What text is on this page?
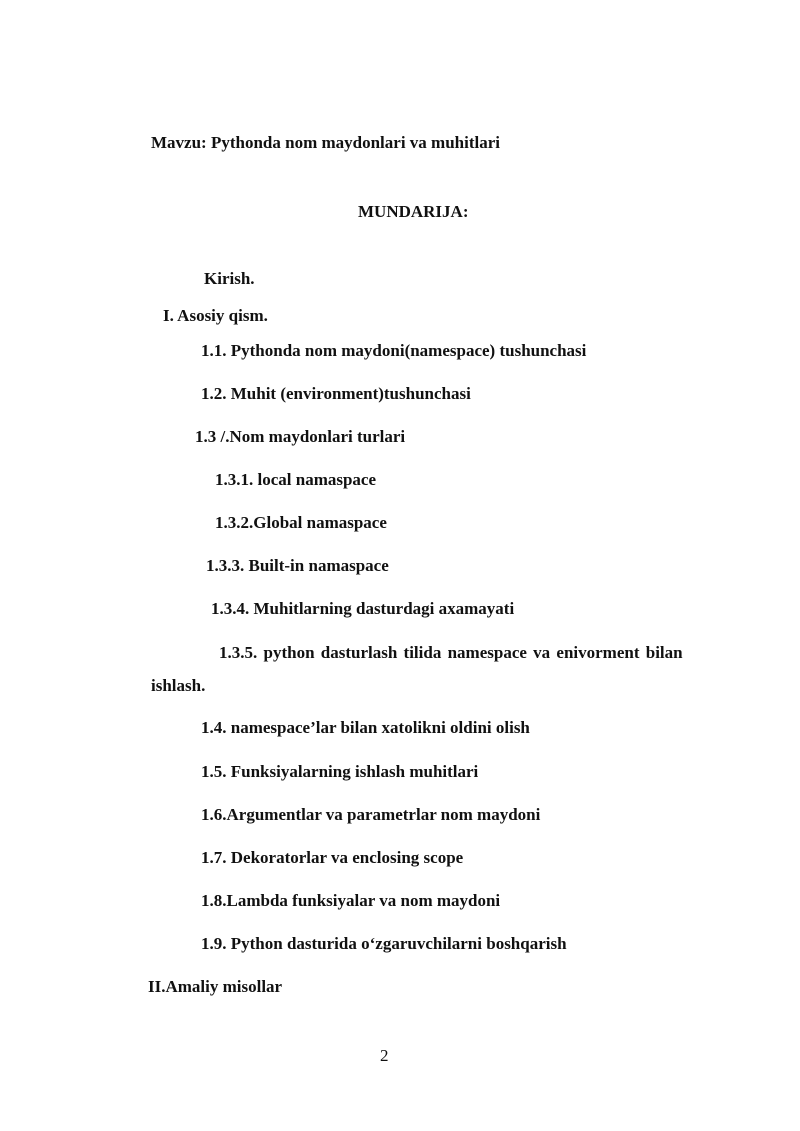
Mavzu: Pythonda nom maydonlari va muhitlari
MUNDARIJA:
Kirish.
I. Asosiy qism.
1.1. Pythonda nom maydoni(namespace) tushunchasi
1.2. Muhit (environment)tushunchasi
1.3 /.Nom maydonlari turlari
1.3.1. local namaspace
1.3.2.Global namaspace
1.3.3. Built-in namaspace
1.3.4. Muhitlarning dasturdagi axamayati
1.3.5. python dasturlash tilida namespace va enivorment bilan
ishlash.
1.4. namespace’lar bilan xatolikni oldini olish
1.5. Funksiyalarning ishlash muhitlari
1.6.Argumentlar va parametrlar nom maydoni
1.7. Dekoratorlar va enclosing scope
1.8.Lambda funksiyalar va nom maydoni
1.9. Python dasturida o‘zgaruvchilarni boshqarish
II.Amaliy misollar
2
